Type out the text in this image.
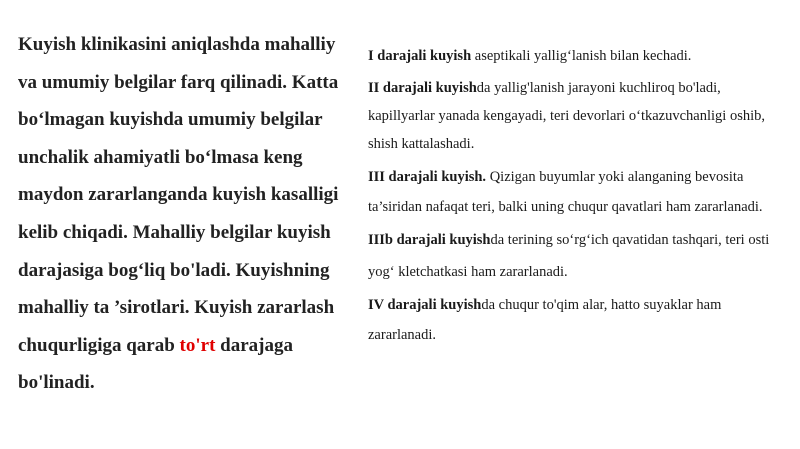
Kuyish klinikasini aniqlashda mahalliy va umumiy belgilar farq qilinadi. Katta bo‘lmagan kuyishda umumiy belgilar unchalik ahamiyatli bo‘lmasa keng maydon zararlanganda kuyish kasalligi kelib chiqadi. Mahalliy belgilar kuyish darajasiga bog‘liq bo'ladi. Kuyishning mahalliy ta ’sirotlari. Kuyish zararlash chuqurligiga qarab to'rt darajaga bo'linadi.

I darajali kuyish aseptikali yallig‘lanish bilan kechadi.

II darajali kuyishda yallig'lanish jarayoni kuchliroq bo'ladi, kapillyarlar yanada kengayadi, teri devorlari o‘tkazuvchanligi oshib, shish kattalashadi.

III darajali kuyish. Qizigan buyumlar yoki alanganing bevosita ta’siridan nafaqat teri, balki uning chuqur qavatlari ham zararlanadi.

IIIb darajali kuyishda terining so‘rg‘ich qavatidan tashqari, teri osti

yog‘ kletchatkasi ham zararlanadi.

IV darajali kuyishda chuqur to'qim alar, hatto suyaklar ham zararlanadi.
